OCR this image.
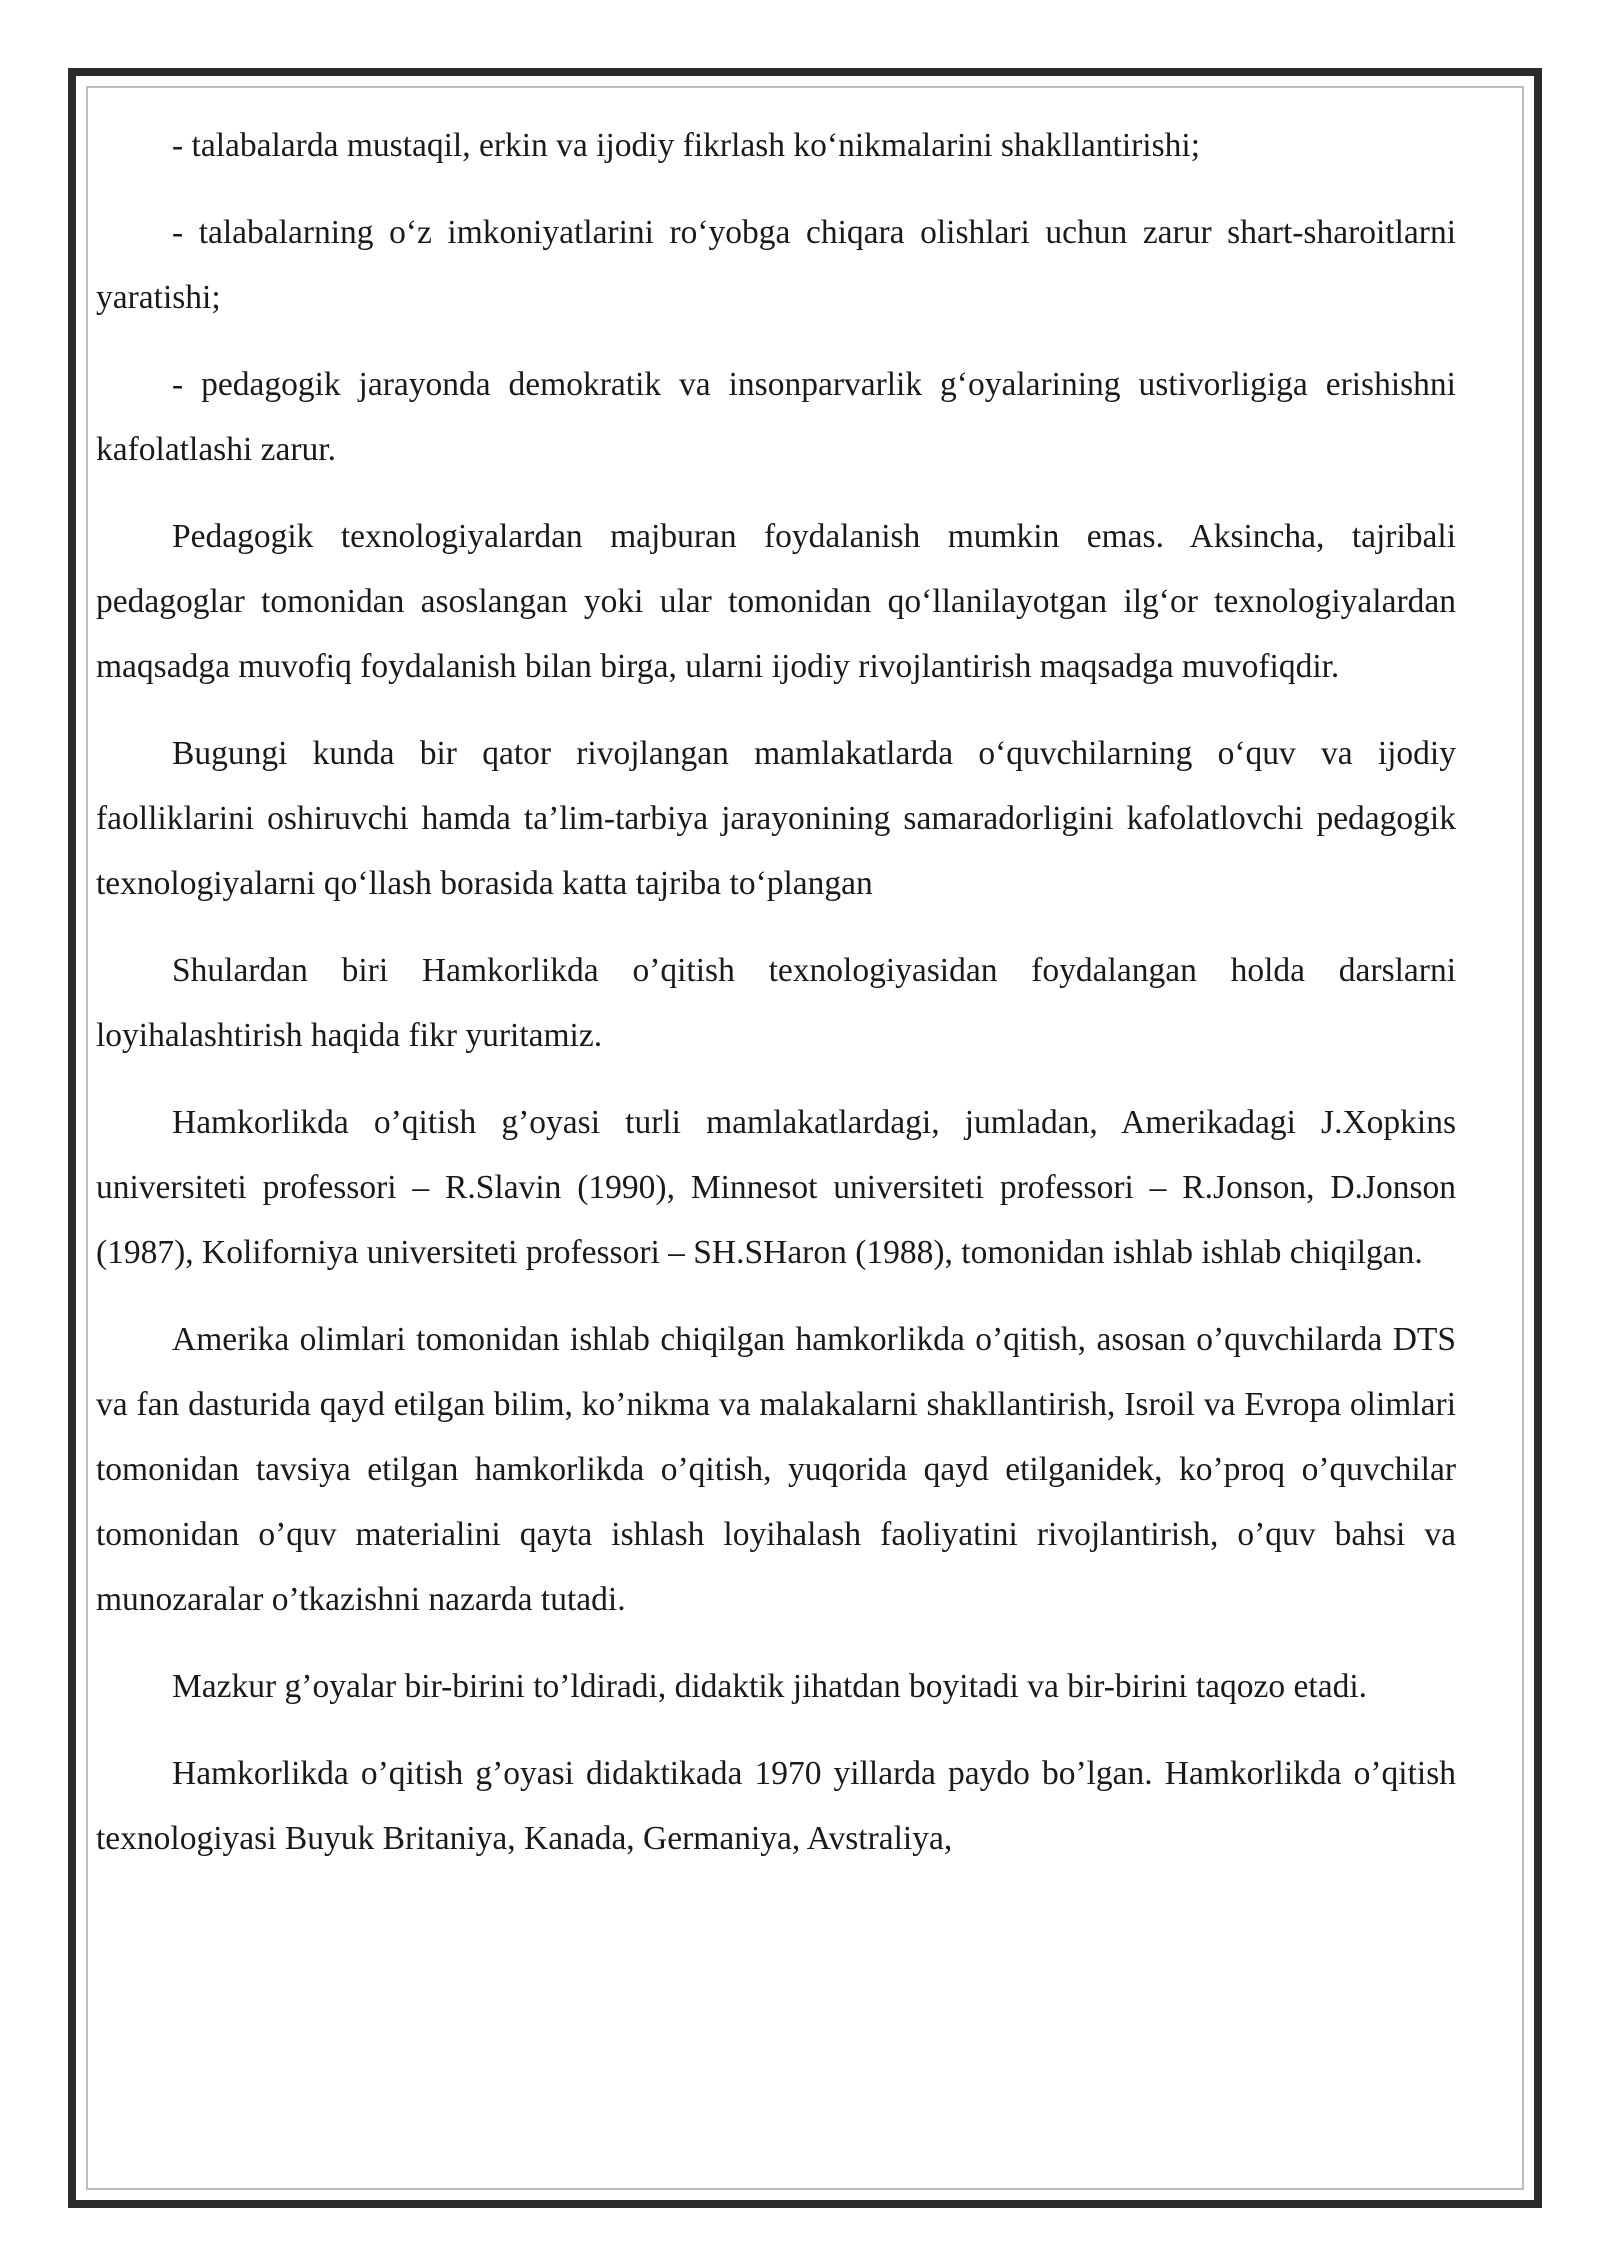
- talabalarda mustaqil, erkin va ijodiy fikrlash ko‘nikmalarini shakllantirishi;

- talabalarning o‘z imkoniyatlarini ro‘yobga chiqara olishlari uchun zarur shart-sharoitlarni yaratishi;

- pedagogik jarayonda demokratik va insonparvarlik g‘oyalarining ustivorligiga erishishni kafolatlashi zarur.

Pedagogik texnologiyalardan majburan foydalanish mumkin emas. Aksincha, tajribali pedagoglar tomonidan asoslangan yoki ular tomonidan qo‘llanilayotgan ilg‘or texnologiyalardan maqsadga muvofiq foydalanish bilan birga, ularni ijodiy rivojlantirish maqsadga muvofiqdir.

Bugungi kunda bir qator rivojlangan mamlakatlarda o‘quvchilarning o‘quv va ijodiy faolliklarini oshiruvchi hamda ta’lim-tarbiya jarayonining samaradorligini kafolatlovchi pedagogik texnologiyalarni qo‘llash borasida katta tajriba to‘plangan

Shulardan biri Hamkorlikda o’qitish texnologiyasidan foydalangan holda darslarni loyihalashtirish haqida fikr yuritamiz.

Hamkorlikda o’qitish g’oyasi turli mamlakatlardagi, jumladan, Amerikadagi J.Xopkins universiteti professori – R.Slavin (1990), Minnesot universiteti professori – R.Jonson, D.Jonson (1987), Koliforniya universiteti professori – SH.SHaron (1988), tomonidan ishlab ishlab chiqilgan.

Amerika olimlari tomonidan ishlab chiqilgan hamkorlikda o’qitish, asosan o’quvchilarda DTS va fan dasturida qayd etilgan bilim, ko’nikma va malakalarni shakllantirish, Isroil va Evropa olimlari tomonidan tavsiya etilgan hamkorlikda o’qitish, yuqorida qayd etilganidek, ko’proq o’quvchilar tomonidan o’quv materialini qayta ishlash loyihalash faoliyatini rivojlantirish, o’quv bahsi va munozaralar o’tkazishni nazarda tutadi.

Mazkur g’oyalar bir-birini to’ldiradi, didaktik jihatdan boyitadi va bir-birini taqozo etadi.

Hamkorlikda o’qitish g’oyasi didaktikada 1970 yillarda paydo bo’lgan. Hamkorlikda o’qitish texnologiyasi Buyuk Britaniya, Kanada, Germaniya, Avstraliya,
